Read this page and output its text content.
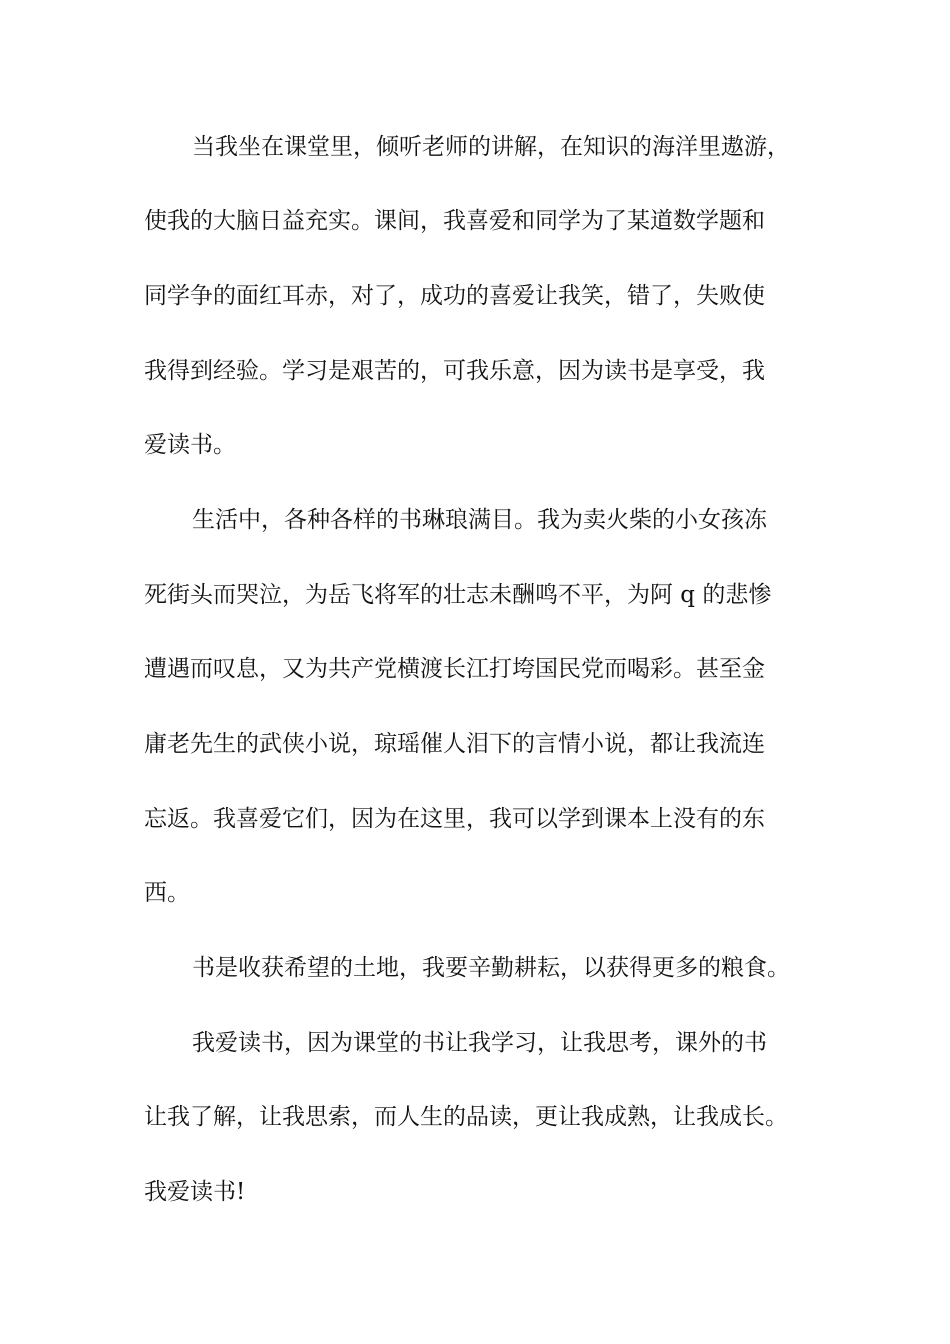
当我坐在课堂里，倾听老师的讲解，在知识的海洋里遨游，
使我的大脑日益充实。课间，我喜爱和同学为了某道数学题和
同学争的面红耳赤，对了，成功的喜爱让我笑，错了，失败使
我得到经验。学习是艰苦的，可我乐意，因为读书是享受，我
爱读书。
生活中，各种各样的书琳琅满目。我为卖火柴的小女孩冻
死街头而哭泣，为岳飞将军的壮志未酬鸣不平，为阿 q 的悲惨
遭遇而叹息，又为共产党横渡长江打垮国民党而喝彩。甚至金
庸老先生的武侠小说，琼瑶催人泪下的言情小说，都让我流连
忘返。我喜爱它们，因为在这里，我可以学到课本上没有的东
西。
书是收获希望的土地，我要辛勤耕耘，以获得更多的粮食。
我爱读书，因为课堂的书让我学习，让我思考，课外的书
让我了解，让我思索，而人生的品读，更让我成熟，让我成长。
我爱读书!
